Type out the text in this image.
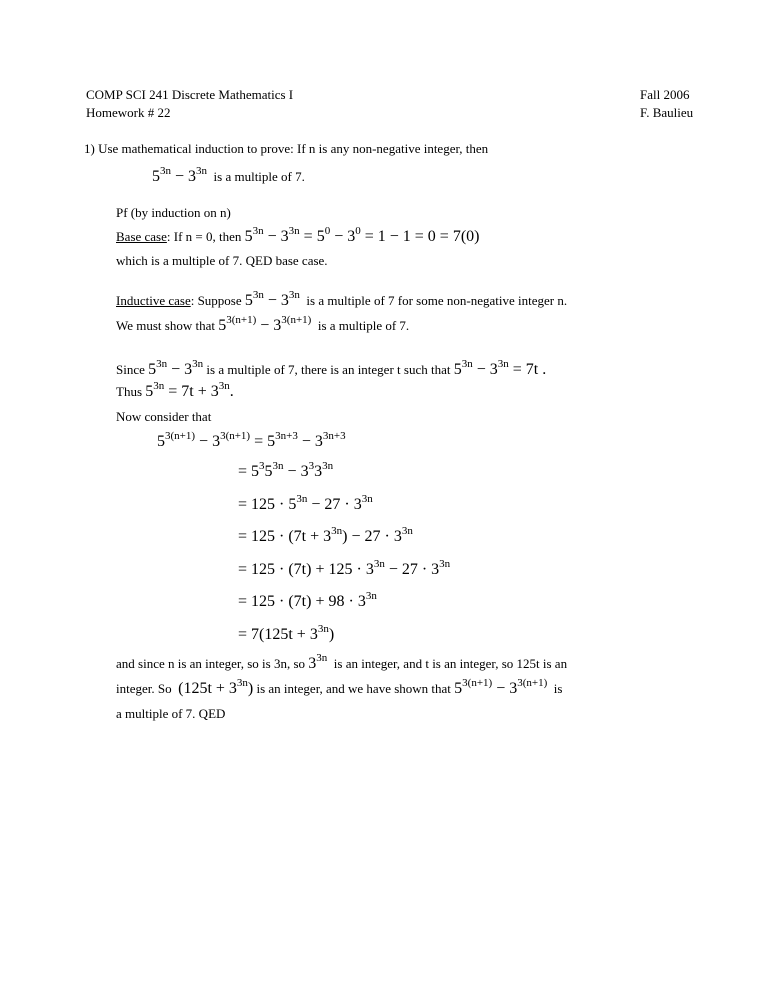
COMP SCI 241 Discrete Mathematics I
Homework # 22
Fall 2006
F. Baulieu
1) Use mathematical induction to prove: If n is any non-negative integer, then
$5^{3n} - 3^{3n}$ is a multiple of 7.
Pf (by induction on n)
Base case: If n = 0, then $5^{3n} - 3^{3n} = 5^0 - 3^0 = 1 - 1 = 0 = 7(0)$
which is a multiple of 7. QED base case.
Inductive case: Suppose $5^{3n} - 3^{3n}$ is a multiple of 7 for some non-negative integer n.
We must show that $5^{3(n+1)} - 3^{3(n+1)}$ is a multiple of 7.
Since $5^{3n} - 3^{3n}$ is a multiple of 7, there is an integer t such that $5^{3n} - 3^{3n} = 7t$ .
Thus $5^{3n} = 7t + 3^{3n}$.
Now consider that
$5^{3(n+1)} - 3^{3(n+1)} = 5^{3n+3} - 3^{3n+3}$
= $5^35^{3n} - 3^33^{3n}$
= $125 \cdot 5^{3n} - 27 \cdot 3^{3n}$
= $125 \cdot (7t + 3^{3n}) - 27 \cdot 3^{3n}$
= $125 \cdot (7t) + 125 \cdot 3^{3n} - 27 \cdot 3^{3n}$
= $125 \cdot (7t) + 98 \cdot 3^{3n}$
= $7(125t + 3^{3n})$
and since n is an integer, so is 3n, so $3^{3n}$ is an integer, and t is an integer, so 125t is an
integer. So $(125t + 3^{3n})$ is an integer, and we have shown that $5^{3(n+1)} - 3^{3(n+1)}$ is
a multiple of 7. QED
